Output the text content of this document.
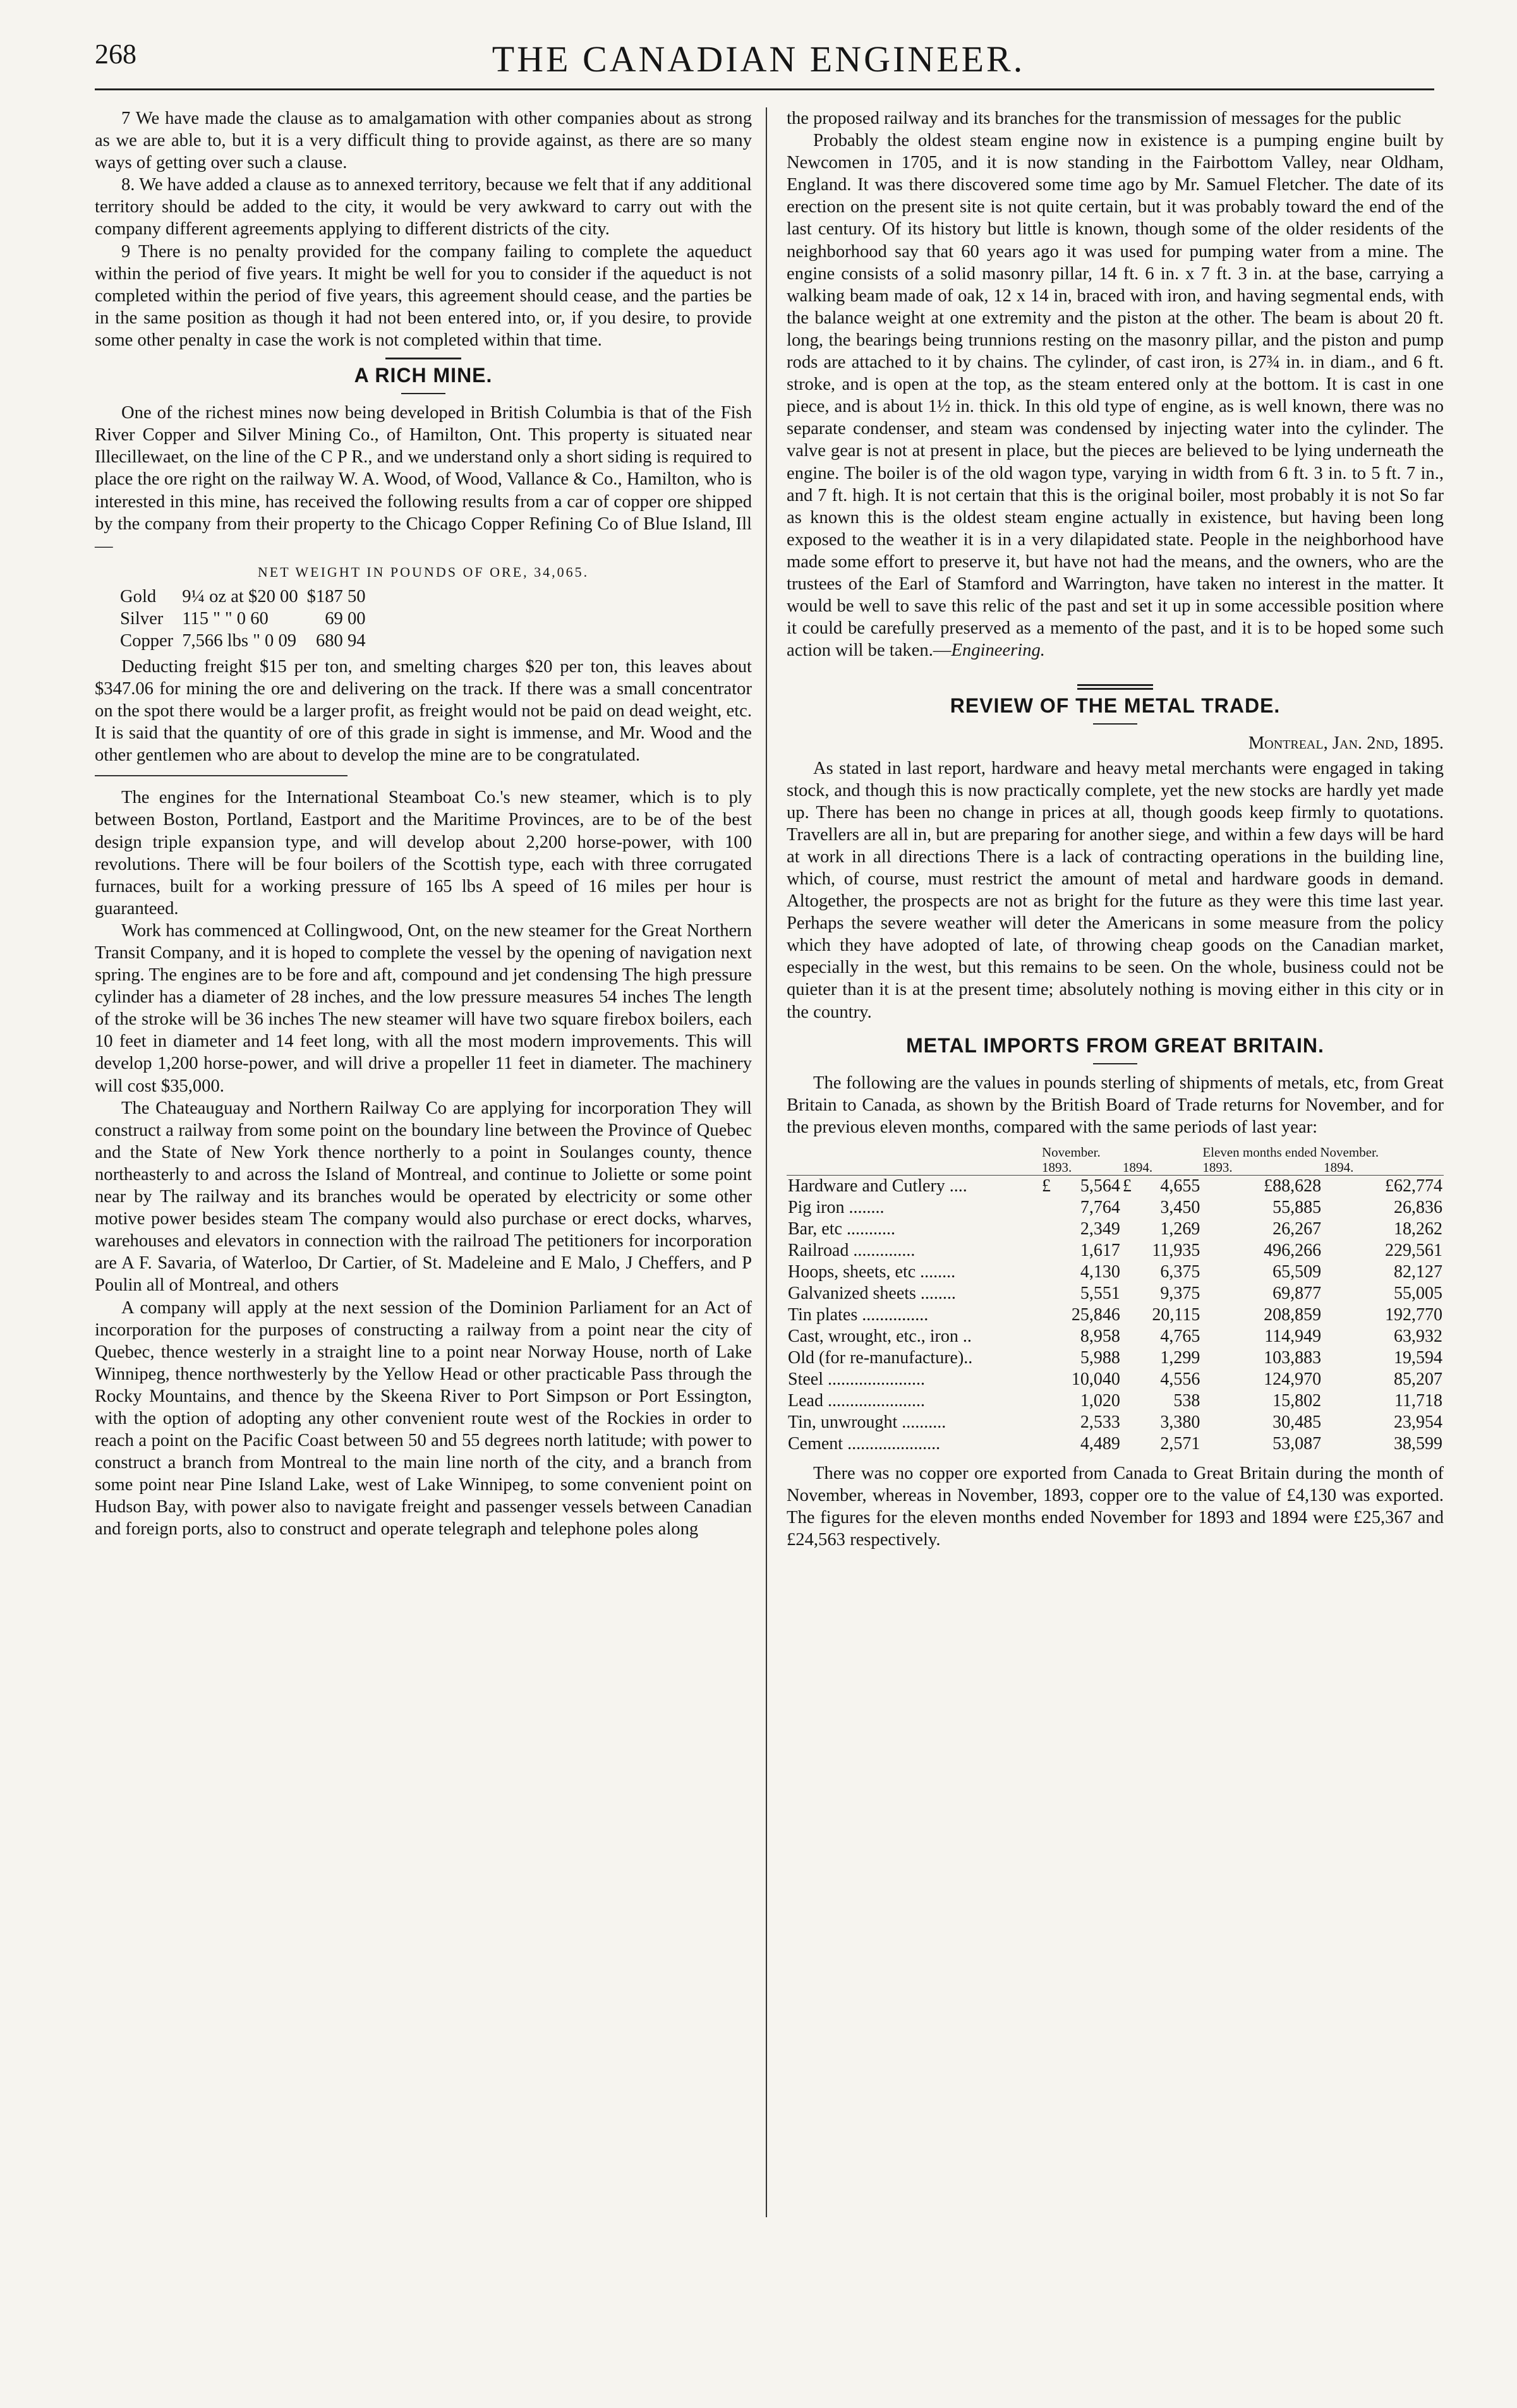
268	THE CANADIAN ENGINEER.

7 We have made the clause as to amalgamation with other companies about as strong as we are able to, but it is a very difficult thing to provide against, as there are so many ways of getting over such a clause.

8. We have added a clause as to annexed territory, because we felt that if any additional territory should be added to the city, it would be very awkward to carry out with the company different agreements applying to different districts of the city.

9 There is no penalty provided for the company failing to complete the aqueduct within the period of five years. It might be well for you to consider if the aqueduct is not completed within the period of five years, this agreement should cease, and the parties be in the same position as though it had not been entered into, or, if you desire, to provide some other penalty in case the work is not completed within that time.

A RICH MINE.

One of the richest mines now being developed in British Columbia is that of the Fish River Copper and Silver Mining Co., of Hamilton, Ont. This property is situated near Illecillewaet, on the line of the C P R., and we understand only a short siding is required to place the ore right on the railway W. A. Wood, of Wood, Vallance & Co., Hamilton, who is interested in this mine, has received the following results from a car of copper ore shipped by the company from their property to the Chicago Copper Refining Co of Blue Island, Ill —

NET WEIGHT IN POUNDS OF ORE, 34,065.
Gold	9¼ oz at $20 00	$187 50
Silver	115 " " 0 60	69 00
Copper	7,566 lbs " 0 09	680 94

Deducting freight $15 per ton, and smelting charges $20 per ton, this leaves about $347.06 for mining the ore and delivering on the track. If there was a small concentrator on the spot there would be a larger profit, as freight would not be paid on dead weight, etc. It is said that the quantity of ore of this grade in sight is immense, and Mr. Wood and the other gentlemen who are about to develop the mine are to be congratulated.

The engines for the International Steamboat Co.'s new steamer, which is to ply between Boston, Portland, Eastport and the Maritime Provinces, are to be of the best design triple expansion type, and will develop about 2,200 horse-power, with 100 revolutions. There will be four boilers of the Scottish type, each with three corrugated furnaces, built for a working pressure of 165 lbs A speed of 16 miles per hour is guaranteed.

Work has commenced at Collingwood, Ont, on the new steamer for the Great Northern Transit Company, and it is hoped to complete the vessel by the opening of navigation next spring. The engines are to be fore and aft, compound and jet condensing The high pressure cylinder has a diameter of 28 inches, and the low pressure measures 54 inches The length of the stroke will be 36 inches The new steamer will have two square firebox boilers, each 10 feet in diameter and 14 feet long, with all the most modern improvements. This will develop 1,200 horse-power, and will drive a propeller 11 feet in diameter. The machinery will cost $35,000.

The Chateauguay and Northern Railway Co are applying for incorporation They will construct a railway from some point on the boundary line between the Province of Quebec and the State of New York thence northerly to a point in Soulanges county, thence northeasterly to and across the Island of Montreal, and continue to Joliette or some point near by The railway and its branches would be operated by electricity or some other motive power besides steam The company would also purchase or erect docks, wharves, warehouses and elevators in connection with the railroad The petitioners for incorporation are A F. Savaria, of Waterloo, Dr Cartier, of St. Madeleine and E Malo, J Cheffers, and P Poulin all of Montreal, and others

A company will apply at the next session of the Dominion Parliament for an Act of incorporation for the purposes of constructing a railway from a point near the city of Quebec, thence westerly in a straight line to a point near Norway House, north of Lake Winnipeg, thence northwesterly by the Yellow Head or other practicable Pass through the Rocky Mountains, and thence by the Skeena River to Port Simpson or Port Essington, with the option of adopting any other convenient route west of the Rockies in order to reach a point on the Pacific Coast between 50 and 55 degrees north latitude; with power to construct a branch from Montreal to the main line north of the city, and a branch from some point near Pine Island Lake, west of Lake Winnipeg, to some convenient point on Hudson Bay, with power also to navigate freight and passenger vessels between Canadian and foreign ports, also to construct and operate telegraph and telephone poles along

the proposed railway and its branches for the transmission of messages for the public

Probably the oldest steam engine now in existence is a pumping engine built by Newcomen in 1705, and it is now standing in the Fairbottom Valley, near Oldham, England. It was there discovered some time ago by Mr. Samuel Fletcher. The date of its erection on the present site is not quite certain, but it was probably toward the end of the last century. Of its history but little is known, though some of the older residents of the neighborhood say that 60 years ago it was used for pumping water from a mine. The engine consists of a solid masonry pillar, 14 ft. 6 in. x 7 ft. 3 in. at the base, carrying a walking beam made of oak, 12 x 14 in, braced with iron, and having segmental ends, with the balance weight at one extremity and the piston at the other. The beam is about 20 ft. long, the bearings being trunnions resting on the masonry pillar, and the piston and pump rods are attached to it by chains. The cylinder, of cast iron, is 27¾ in. in diam., and 6 ft. stroke, and is open at the top, as the steam entered only at the bottom. It is cast in one piece, and is about 1½ in. thick. In this old type of engine, as is well known, there was no separate condenser, and steam was condensed by injecting water into the cylinder. The valve gear is not at present in place, but the pieces are believed to be lying underneath the engine. The boiler is of the old wagon type, varying in width from 6 ft. 3 in. to 5 ft. 7 in., and 7 ft. high. It is not certain that this is the original boiler, most probably it is not So far as known this is the oldest steam engine actually in existence, but having been long exposed to the weather it is in a very dilapidated state. People in the neighborhood have made some effort to preserve it, but have not had the means, and the owners, who are the trustees of the Earl of Stamford and Warrington, have taken no interest in the matter. It would be well to save this relic of the past and set it up in some accessible position where it could be carefully preserved as a memento of the past, and it is to be hoped some such action will be taken.—Engineering.

REVIEW OF THE METAL TRADE.
Montreal, Jan. 2nd, 1895.

As stated in last report, hardware and heavy metal merchants were engaged in taking stock, and though this is now practically complete, yet the new stocks are hardly yet made up. There has been no change in prices at all, though goods keep firmly to quotations. Travellers are all in, but are preparing for another siege, and within a few days will be hard at work in all directions There is a lack of contracting operations in the building line, which, of course, must restrict the amount of metal and hardware goods in demand. Altogether, the prospects are not as bright for the future as they were this time last year. Perhaps the severe weather will deter the Americans in some measure from the policy which they have adopted of late, of throwing cheap goods on the Canadian market, especially in the west, but this remains to be seen. On the whole, business could not be quieter than it is at the present time; absolutely nothing is moving either in this city or in the country.

METAL IMPORTS FROM GREAT BRITAIN.

The following are the values in pounds sterling of shipments of metals, etc, from Great Britain to Canada, as shown by the British Board of Trade returns for November, and for the previous eleven months, compared with the same periods of last year:

	November.				Eleven months ended November.	
	1893.		1894.		1893.	1894.
Hardware and Cutlery ....	£	5,564	£	4,655	£88,628	£62,774
Pig iron ........		7,764		3,450	55,885	26,836
Bar, etc ...........		2,349		1,269	26,267	18,262
Railroad ..............		1,617		11,935	496,266	229,561
Hoops, sheets, etc ........		4,130		6,375	65,509	82,127
Galvanized sheets ........		5,551		9,375	69,877	55,005
Tin plates ...............		25,846		20,115	208,859	192,770
Cast, wrought, etc., iron ..		8,958		4,765	114,949	63,932
Old (for re-manufacture)..		5,988		1,299	103,883	19,594
Steel ......................		10,040		4,556	124,970	85,207
Lead ......................		1,020		538	15,802	11,718
Tin, unwrought ..........		2,533		3,380	30,485	23,954
Cement .....................		4,489		2,571	53,087	38,599

There was no copper ore exported from Canada to Great Britain during the month of November, whereas in November, 1893, copper ore to the value of £4,130 was exported. The figures for the eleven months ended November for 1893 and 1894 were £25,367 and £24,563 respectively.
